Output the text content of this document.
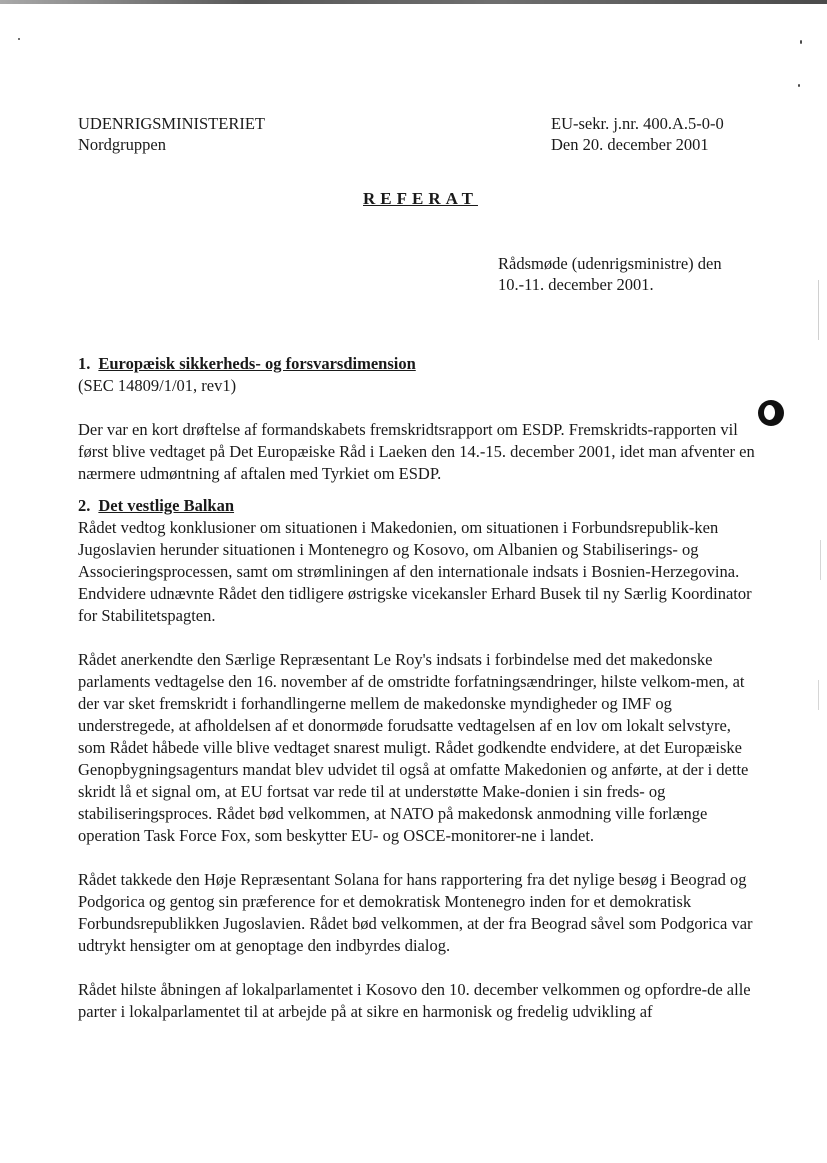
UDENRIGSMINISTERIET
Nordgruppen
EU-sekr. j.nr. 400.A.5-0-0
Den 20. december 2001
REFERAT
Rådsmøde (udenrigsministre) den
10.-11. december 2001.
1. Europæisk sikkerheds- og forsvarsdimension

(SEC 14809/1/01, rev1)

Der var en kort drøftelse af formandskabets fremskridtsrapport om ESDP. Fremskridts-rapporten vil først blive vedtaget på Det Europæiske Råd i Laeken den 14.-15. december 2001, idet man afventer en nærmere udmøntning af aftalen med Tyrkiet om ESDP.

2. Det vestlige Balkan

Rådet vedtog konklusioner om situationen i Makedonien, om situationen i Forbundsrepublik-ken Jugoslavien herunder situationen i Montenegro og Kosovo, om Albanien og Stabiliserings- og Associeringsprocessen, samt om strømliningen af den internationale indsats i Bosnien-Herzegovina. Endvidere udnævnte Rådet den tidligere østrigske vicekansler Erhard Busek til ny Særlig Koordinator for Stabilitetspagten.

Rådet anerkendte den Særlige Repræsentant Le Roy's indsats i forbindelse med det makedonske parlaments vedtagelse den 16. november af de omstridte forfatningsændringer, hilste velkom-men, at der var sket fremskridt i forhandlingerne mellem de makedonske myndigheder og IMF og understregede, at afholdelsen af et donormøde forudsatte vedtagelsen af en lov om lokalt selvstyre, som Rådet håbede ville blive vedtaget snarest muligt. Rådet godkendte endvidere, at det Europæiske Genopbygningsagenturs mandat blev udvidet til også at omfatte Makedonien og anførte, at der i dette skridt lå et signal om, at EU fortsat var rede til at understøtte Make-donien i sin freds- og stabiliseringsproces. Rådet bød velkommen, at NATO på makedonsk anmodning ville forlænge operation Task Force Fox, som beskytter EU- og OSCE-monitorer-ne i landet.

Rådet takkede den Høje Repræsentant Solana for hans rapportering fra det nylige besøg i Beograd og Podgorica og gentog sin præference for et demokratisk Montenegro inden for et demokratisk Forbundsrepublikken Jugoslavien. Rådet bød velkommen, at der fra Beograd såvel som Podgorica var udtrykt hensigter om at genoptage den indbyrdes dialog.

Rådet hilste åbningen af lokalparlamentet i Kosovo den 10. december velkommen og opfordre-de alle parter i lokalparlamentet til at arbejde på at sikre en harmonisk og fredelig udvikling af
